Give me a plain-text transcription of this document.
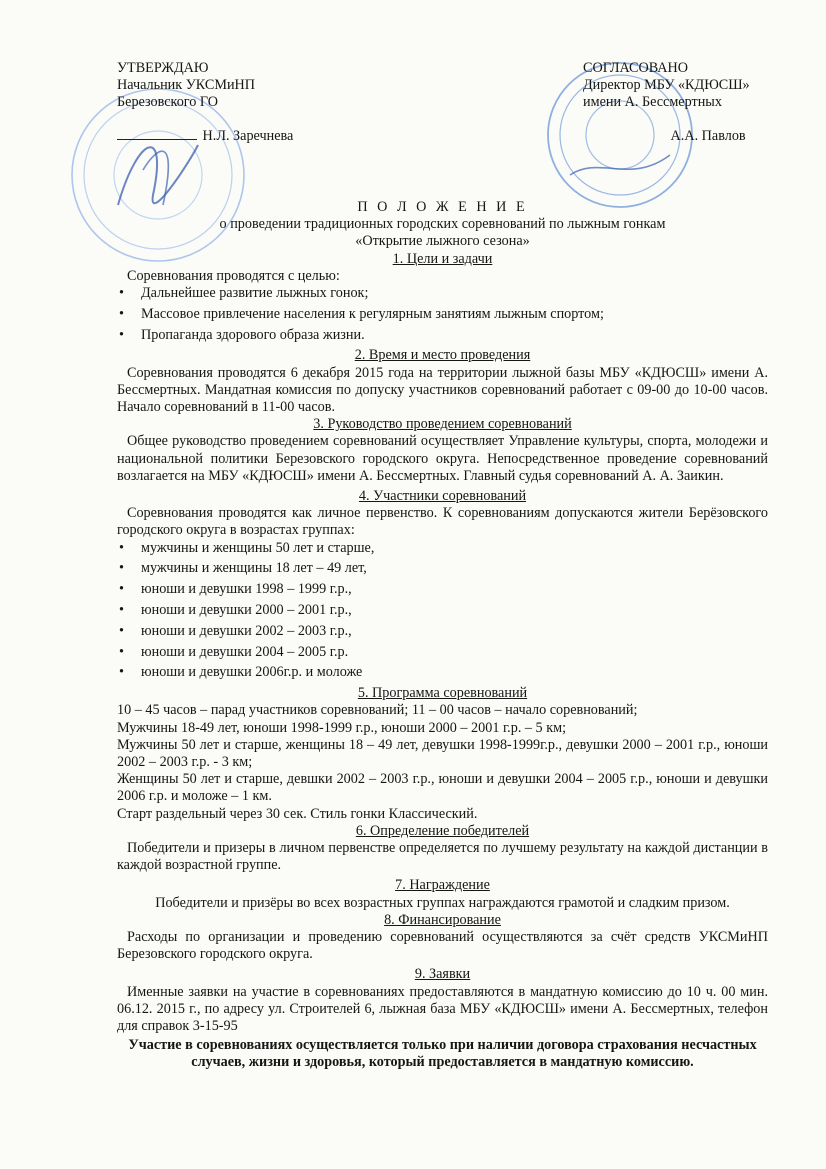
УТВЕРЖДАЮ
Начальник УКСМиНП
Березовского ГО
Н.Л. Заречнева
СОГЛАСОВАНО
Директор МБУ «КДЮСШ»
имени А. Бессмертных
А.А. Павлов
П О Л О Ж Е Н И Е
о проведении традиционных городских соревнований по лыжным гонкам
«Открытие лыжного сезона»
1. Цели и задачи

Соревнования проводятся с целью:

• Дальнейшее развитие лыжных гонок;
• Массовое привлечение населения к регулярным занятиям лыжным спортом;
• Пропаганда здорового образа жизни.
2. Время и место проведения

Соревнования проводятся 6 декабря 2015 года на территории лыжной базы МБУ «КДЮСШ» имени А. Бессмертных. Мандатная комиссия по допуску участников соревнований работает с 09-00 до 10-00 часов. Начало соревнований в 11-00 часов.

3. Руководство проведением соревнований

Общее руководство проведением соревнований осуществляет Управление культуры, спорта, молодежи и национальной политики Березовского городского округа. Непосредственное проведение соревнований возлагается на МБУ «КДЮСШ» имени А. Бессмертных. Главный судья соревнований А. А. Заикин.

4. Участники соревнований

Соревнования проводятся как личное первенство. К соревнованиям допускаются жители Берёзовского городского округа в возрастах группах:

• мужчины и женщины 50 лет и старше,
• мужчины и женщины 18 лет – 49 лет,
• юноши и девушки 1998 – 1999 г.р.,
• юноши и девушки 2000 – 2001 г.р.,
• юноши и девушки 2002 – 2003 г.р.,
• юноши и девушки 2004 – 2005 г.р.
• юноши и девушки 2006г.р. и моложе
5. Программа соревнований

10 – 45 часов – парад участников соревнований; 11 – 00 часов – начало соревнований;

Мужчины 18-49 лет, юноши 1998-1999 г.р., юноши 2000 – 2001 г.р. – 5 км;

Мужчины 50 лет и старше, женщины 18 – 49 лет, девушки 1998-1999г.р., девушки 2000 – 2001 г.р., юноши 2002 – 2003 г.р. - 3 км;

Женщины 50 лет и старше, девшки 2002 – 2003 г.р., юноши и девушки 2004 – 2005 г.р., юноши и девушки 2006 г.р. и моложе – 1 км.

Старт раздельный через 30 сек. Стиль гонки Классический.

6. Определение победителей

Победители и призеры в личном первенстве определяется по лучшему результату на каждой дистанции в каждой возрастной группе.

7. Награждение

Победители и призёры во всех возрастных группах награждаются грамотой и сладким призом.

8. Финансирование

Расходы по организации и проведению соревнований осуществляются за счёт средств УКСМиНП Березовского городского округа.

9. Заявки

Именные заявки на участие в соревнованиях предоставляются в мандатную комиссию до 10 ч. 00 мин. 06.12. 2015 г., по адресу ул. Строителей 6, лыжная база МБУ «КДЮСШ» имени А. Бессмертных, телефон для справок 3-15-95

Участие в соревнованиях осуществляется только при наличии договора страхования несчастных случаев, жизни и здоровья, который предоставляется в мандатную комиссию.
